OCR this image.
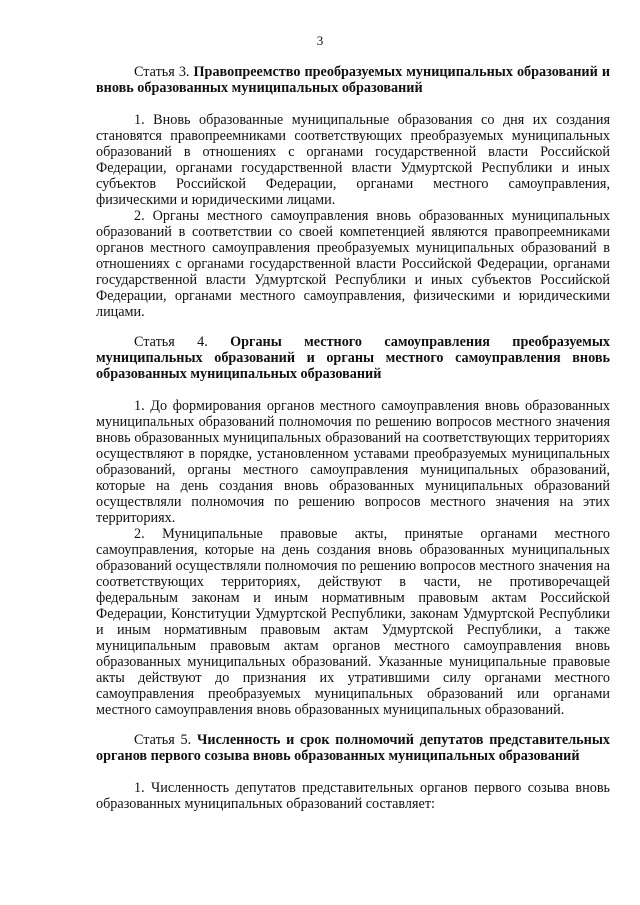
3

Статья 3. Правопреемство преобразуемых муниципальных образований и вновь образованных муниципальных образований

1. Вновь образованные муниципальные образования со дня их создания становятся правопреемниками соответствующих преобразуемых муниципальных образований в отношениях с органами государственной власти Российской Федерации, органами государственной власти Удмуртской Республики и иных субъектов Российской Федерации, органами местного самоуправления, физическими и юридическими лицами.

2. Органы местного самоуправления вновь образованных муниципальных образований в соответствии со своей компетенцией являются правопреемниками органов местного самоуправления преобразуемых муниципальных образований в отношениях с органами государственной власти Российской Федерации, органами государственной власти Удмуртской Республики и иных субъектов Российской Федерации, органами местного самоуправления, физическими и юридическими лицами.

Статья 4. Органы местного самоуправления преобразуемых муниципальных образований и органы местного самоуправления вновь образованных муниципальных образований

1. До формирования органов местного самоуправления вновь образованных муниципальных образований полномочия по решению вопросов местного значения вновь образованных муниципальных образований на соответствующих территориях осуществляют в порядке, установленном уставами преобразуемых муниципальных образований, органы местного самоуправления муниципальных образований, которые на день создания вновь образованных муниципальных образований осуществляли полномочия по решению вопросов местного значения на этих территориях.

2. Муниципальные правовые акты, принятые органами местного самоуправления, которые на день создания вновь образованных муниципальных образований осуществляли полномочия по решению вопросов местного значения на соответствующих территориях, действуют в части, не противоречащей федеральным законам и иным нормативным правовым актам Российской Федерации, Конституции Удмуртской Республики, законам Удмуртской Республики и иным нормативным правовым актам Удмуртской Республики, а также муниципальным правовым актам органов местного самоуправления вновь образованных муниципальных образований. Указанные муниципальные правовые акты действуют до признания их утратившими силу органами местного самоуправления преобразуемых муниципальных образований или органами местного самоуправления вновь образованных муниципальных образований.

Статья 5. Численность и срок полномочий депутатов представительных органов первого созыва вновь образованных муниципальных образований

1. Численность депутатов представительных органов первого созыва вновь образованных муниципальных образований составляет:
